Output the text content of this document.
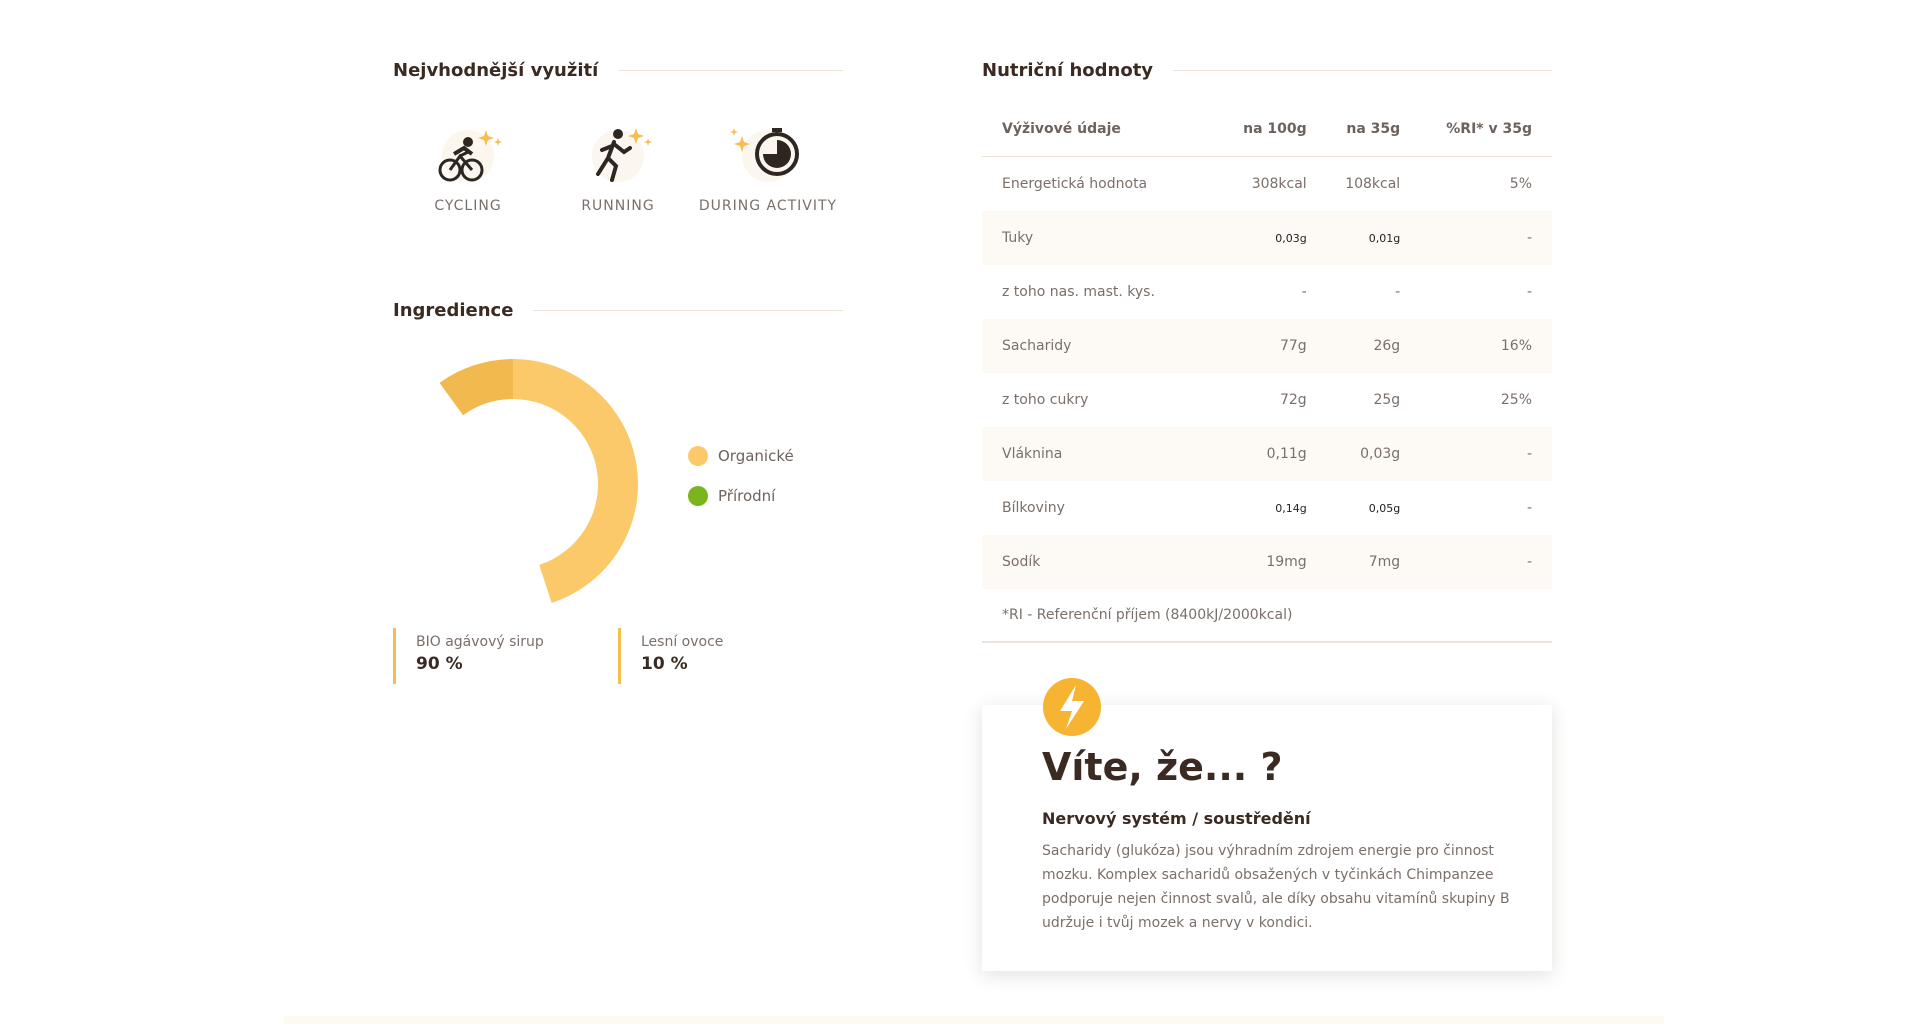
Nejvhodnější využití
CYCLING	RUNNING	DURING ACTIVITY
Ingredience
Organické
Přírodní
BIO agávový sirup
90 %
Lesní ovoce
10 %
Nutriční hodnoty
Výživové údaje	na 100g	na 35g	%RI* v 35g
Energetická hodnota	308kcal	108kcal	5%
Tuky	0,03g	0,01g	-
z toho nas. mast. kys.	-	-	-
Sacharidy	77g	26g	16%
z toho cukry	72g	25g	25%
Vláknina	0,11g	0,03g	-
Bílkoviny	0,14g	0,05g	-
Sodík	19mg	7mg	-
*RI - Referenční příjem (8400kJ/2000kcal)
Víte, že... ?
Nervový systém / soustředění

Sacharidy (glukóza) jsou výhradním zdrojem energie pro činnost mozku. Komplex sacharidů obsažených v tyčinkách Chimpanzee podporuje nejen činnost svalů, ale díky obsahu vitamínů skupiny B udržuje i tvůj mozek a nervy v kondici.
